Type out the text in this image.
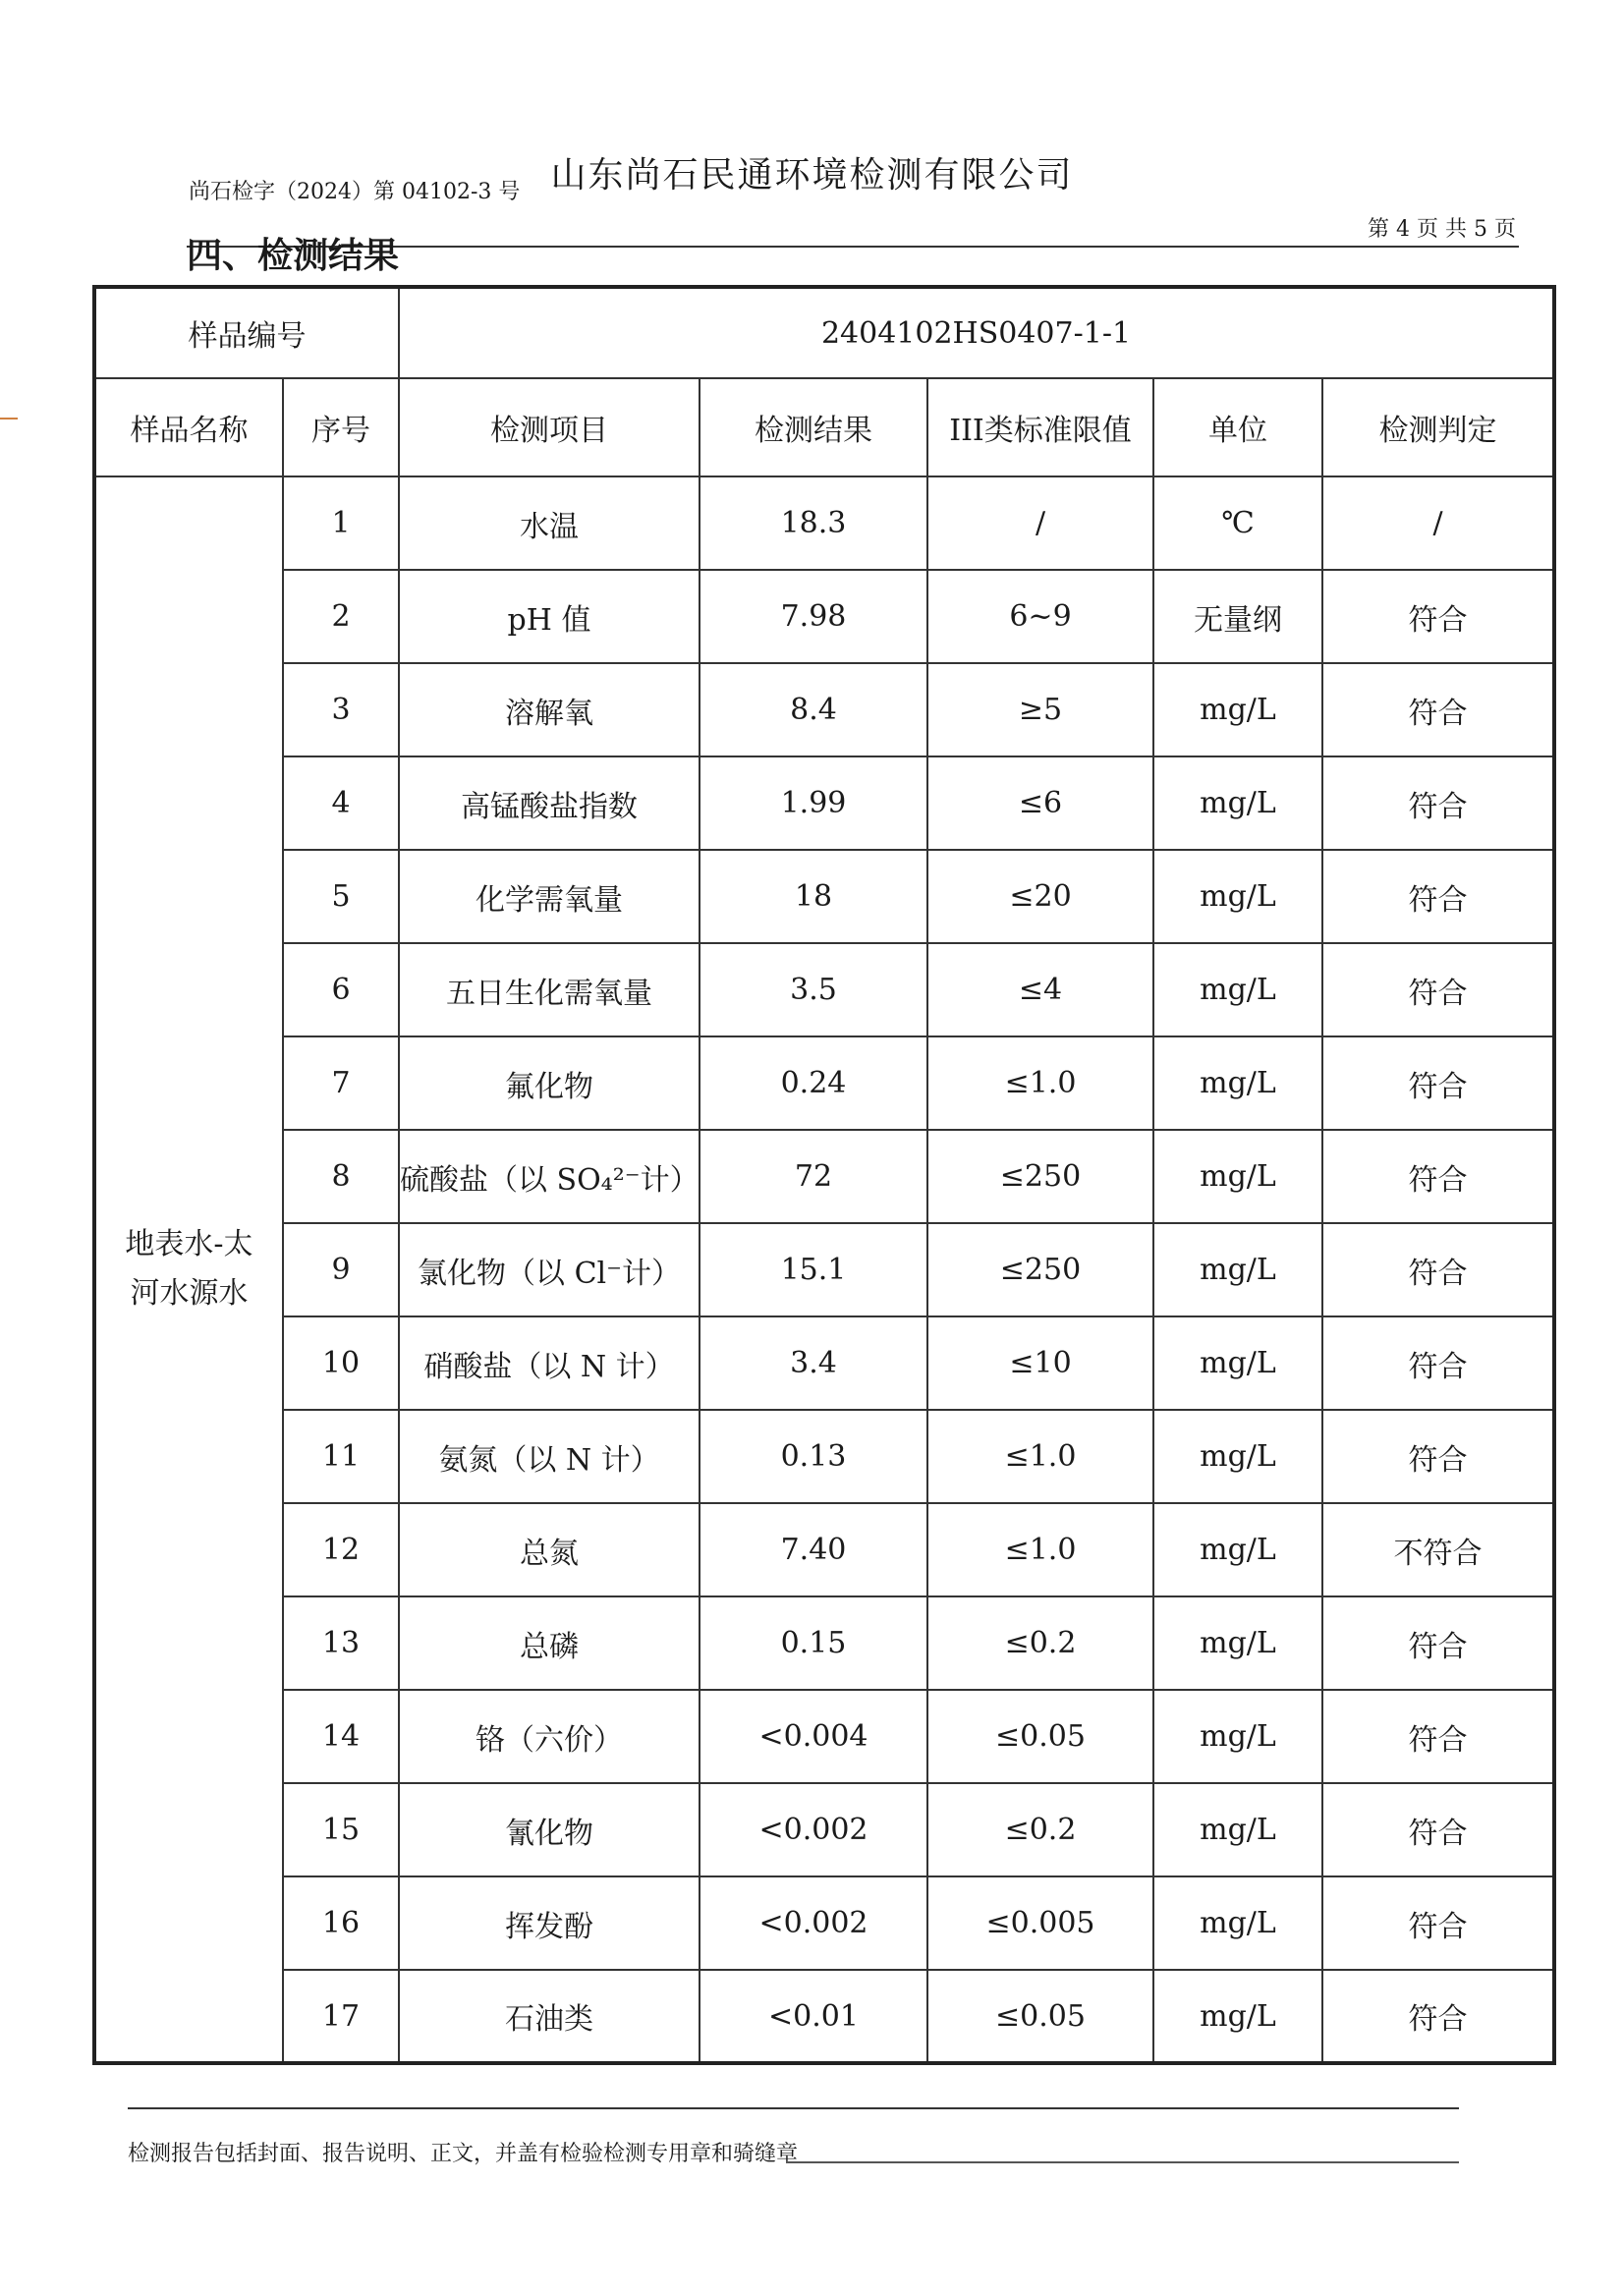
山东尚石民通环境检测有限公司
尚石检字（2024）第 04102-3 号
第 4 页 共 5 页
四、检测结果
样品编号		2404102HS0407-1-1				
样品名称	序号	检测项目	检测结果	III类标准限值	单位	检测判定
地表水-太
河水源水	1	水温	18.3	/	℃	/
	2	pH 值	7.98	6~9	无量纲	符合
	3	溶解氧	8.4	≥5	mg/L	符合
	4	高锰酸盐指数	1.99	≤6	mg/L	符合
	5	化学需氧量	18	≤20	mg/L	符合
	6	五日生化需氧量	3.5	≤4	mg/L	符合
	7	氟化物	0.24	≤1.0	mg/L	符合
	8	硫酸盐（以 SO₄²⁻计）	72	≤250	mg/L	符合
	9	氯化物（以 Cl⁻计）	15.1	≤250	mg/L	符合
	10	硝酸盐（以 N 计）	3.4	≤10	mg/L	符合
	11	氨氮（以 N 计）	0.13	≤1.0	mg/L	符合
	12	总氮	7.40	≤1.0	mg/L	不符合
	13	总磷	0.15	≤0.2	mg/L	符合
	14	铬（六价）	<0.004	≤0.05	mg/L	符合
	15	氰化物	<0.002	≤0.2	mg/L	符合
	16	挥发酚	<0.002	≤0.005	mg/L	符合
	17	石油类	<0.01	≤0.05	mg/L	符合
检测报告包括封面、报告说明、正文，并盖有检验检测专用章和骑缝章
